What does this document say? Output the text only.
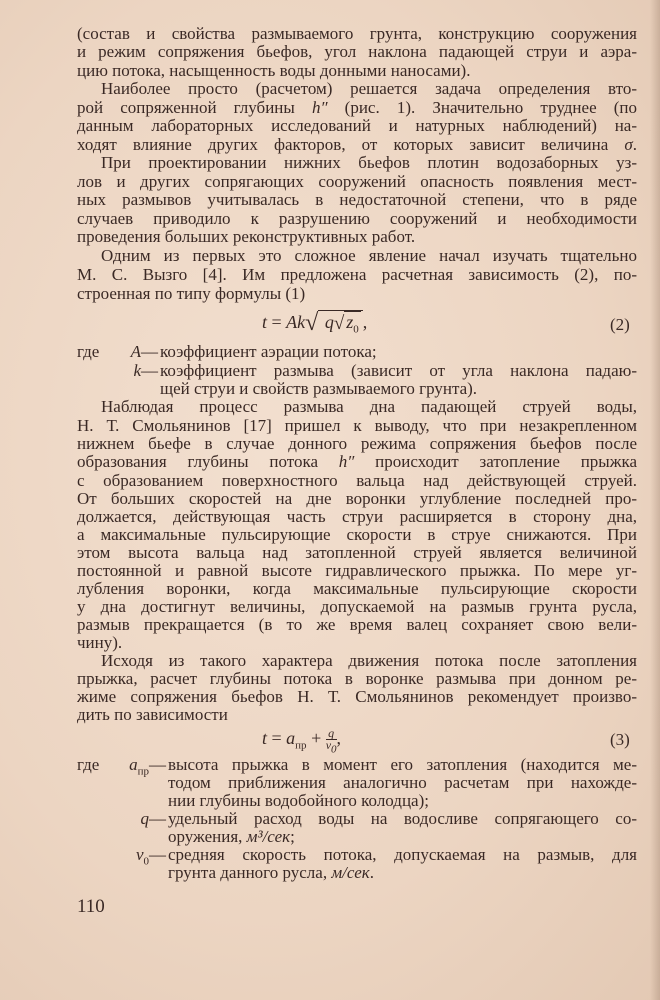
(состав и свойства размываемого грунта, конструкцию сооружения
и режим сопряжения бьефов, угол наклона падающей струи и аэра-
цию потока, насыщенность воды донными наносами).
Наиболее просто (расчетом) решается задача определения вто-
рой сопряженной глубины h″ (рис. 1). Значительно труднее (по
данным лабораторных исследований и натурных наблюдений) на-
ходят влияние других факторов, от которых зависит величина σ.
При проектировании нижних бьефов плотин водозаборных уз-
лов и других сопрягающих сооружений опасность появления мест-
ных размывов учитывалась в недостаточной степени, что в ряде
случаев приводило к разрушению сооружений и необходимости
проведения больших реконструктивных работ.
Одним из первых это сложное явление начал изучать тщательно
М. С. Вызго [4]. Им предложена расчетная зависимость (2), по-
строенная по типу формулы (1)
t = Ak√ q√ $z_0$ ,	(2)
где	A— коэффициент аэрации потока;
k— коэффициент размыва (зависит от угла наклона падаю-
щей струи и свойств размываемого грунта).
Наблюдая процесс размыва дна падающей струей воды,
Н. Т. Смольянинов [17] пришел к выводу, что при незакрепленном
нижнем бьефе в случае донного режима сопряжения бьефов после
образования глубины потока h″ происходит затопление прыжка
с образованием поверхностного вальца над действующей струей.
От больших скоростей на дне воронки углубление последней про-
должается, действующая часть струи расширяется в сторону дна,
а максимальные пульсирующие скорости в струе снижаются. При
этом высота вальца над затопленной струей является величиной
постоянной и равной высоте гидравлического прыжка. По мере уг-
лубления воронки, когда максимальные пульсирующие скорости
у дна достигнут величины, допускаемой на размыв грунта русла,
размыв прекращается (в то же время валец сохраняет свою вели-
чину).
Исходя из такого характера движения потока после затопления
прыжка, расчет глубины потока в воронке размыва при донном ре-
жиме сопряжения бьефов Н. Т. Смольянинов рекомендует произво-
дить по зависимости
$t = a_{пр} + \frac{q}{v_0}$ ,	(3)
где	$a_{пр}—$ высота прыжка в момент его затопления (находится ме-
тодом приближения аналогично расчетам при нахожде-
нии глубины водобойного колодца);
q— удельный расход воды на водосливе сопрягающего со-
оружения, м³/сек;
$v_0—$ средняя скорость потока, допускаемая на размыв, для
грунта данного русла, м/сек.
110
